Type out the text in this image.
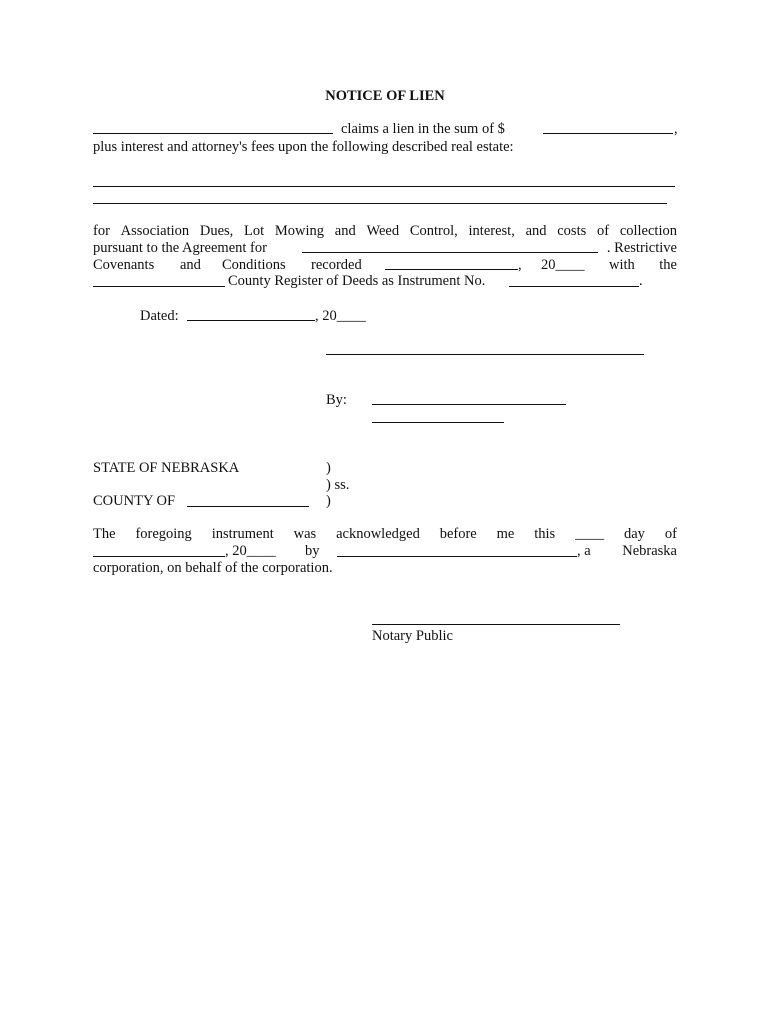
NOTICE OF LIEN
claims a lien in the sum of $	,
plus interest and attorney's fees upon the following described real estate:
for Association Dues, Lot Mowing and Weed Control, interest, and costs of collection
pursuant to the Agreement for	. Restrictive
Covenants and Conditions recorded	, 20____ with the
County Register of Deeds as Instrument No.	.
Dated:	, 20____
By:
STATE OF NEBRASKA	)
) ss.
COUNTY OF	)
The foregoing instrument was acknowledged before me this ____ day of
, 20____ by	, a Nebraska
corporation, on behalf of the corporation.
Notary Public
